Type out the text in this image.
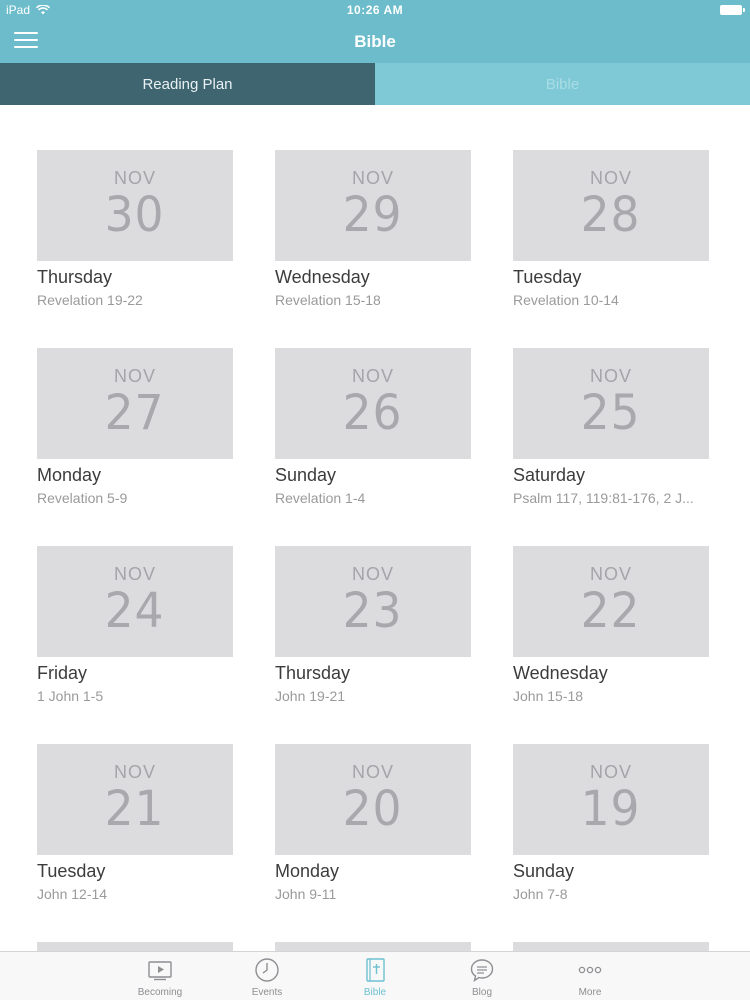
iPad	10:26 AM
Bible
Reading Plan	Bible
NOV
30
Thursday
Revelation 19-22
NOV
29
Wednesday
Revelation 15-18
NOV
28
Tuesday
Revelation 10-14
NOV
27
Monday
Revelation 5-9
NOV
26
Sunday
Revelation 1-4
NOV
25
Saturday
Psalm 117, 119:81-176, 2 J...
NOV
24
Friday
1 John 1-5
NOV
23
Thursday
John 19-21
NOV
22
Wednesday
John 15-18
NOV
21
Tuesday
John 12-14
NOV
20
Monday
John 9-11
NOV
19
Sunday
John 7-8
Becoming	Events	Bible	Blog	More
